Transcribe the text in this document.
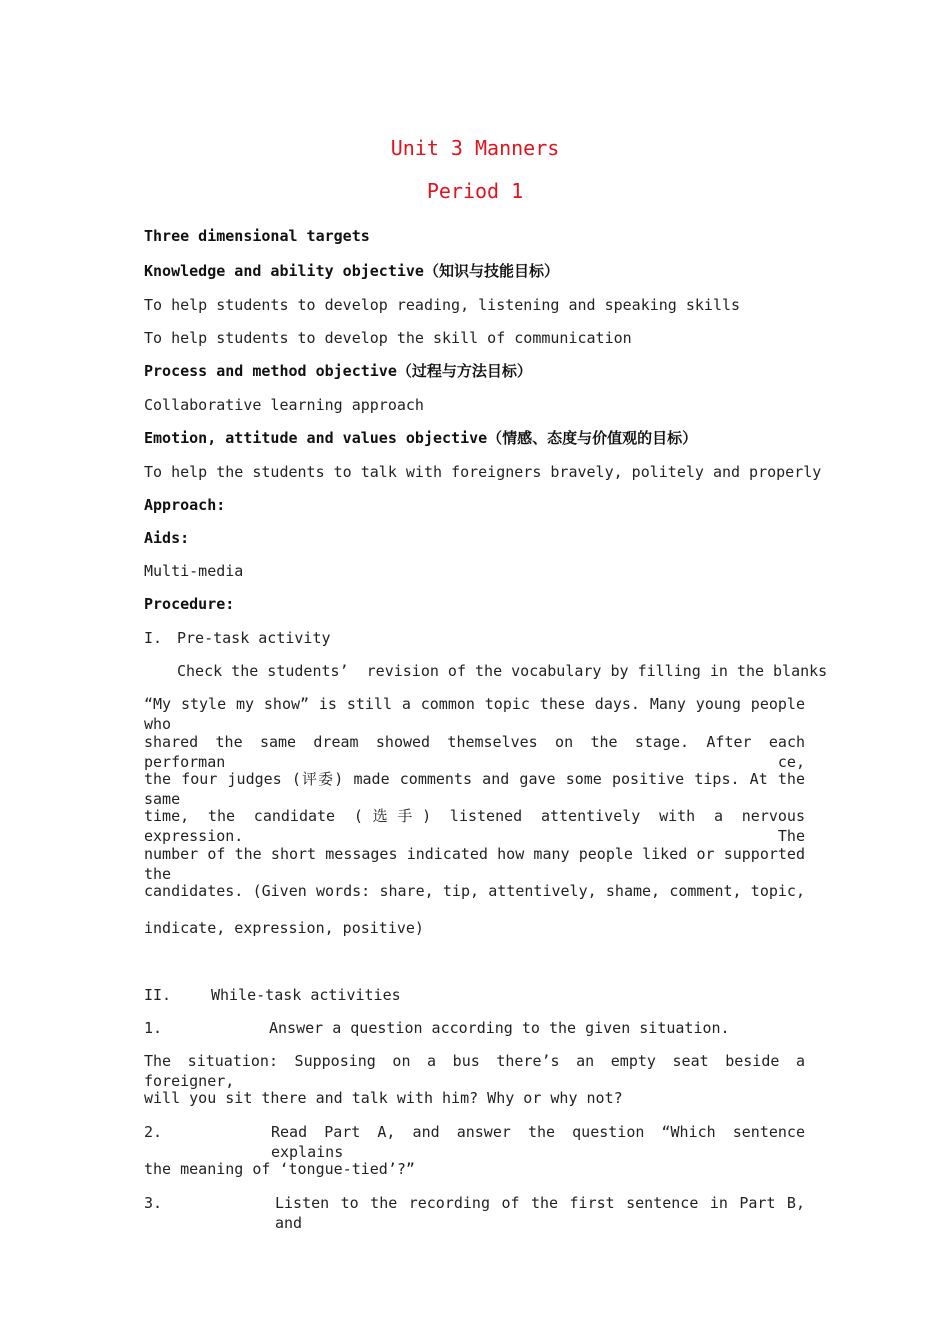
Unit 3 Manners
Period 1
Three dimensional targets
Knowledge and ability objective（知识与技能目标）
To help students to develop reading, listening and speaking skills
To help students to develop the skill of communication
Process and method objective（过程与方法目标）
Collaborative learning approach
Emotion, attitude and values objective（情感、态度与价值观的目标）
To help the students to talk with foreigners bravely, politely and properly
Approach:
Aids:
Multi-media
Procedure:
I. Pre-task activity
Check the students’  revision of the vocabulary by filling in the blanks
“My style my show” is still a common topic these days. Many young people who
shared the same dream showed themselves on the stage. After each performan ce,
the four judges (评委) made comments and gave some positive tips. At the same
time, the candidate (选手) listened attentively with a nervous expression. The
number of the short messages indicated how many people liked or supported the
candidates. (Given words: share, tip, attentively, shame, comment, topic,
indicate, expression, positive)
II.	While-task activities
1.	Answer a question according to the given situation.
The situation: Supposing on a bus there’s an empty seat beside a foreigner,
will you sit there and talk with him? Why or why not?
2.	Read Part A, and answer the question “Which sentence explains
the meaning of ‘tongue-tied’?”
3.	Listen to the recording of the first sentence in Part B, and
